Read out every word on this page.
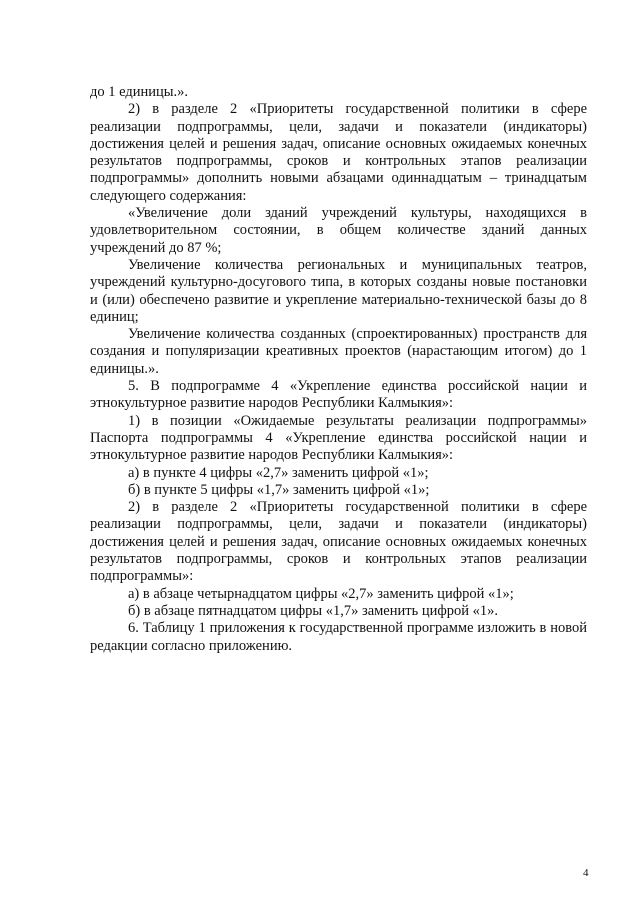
до 1 единицы.».

2) в разделе 2 «Приоритеты государственной политики в сфере реализации подпрограммы, цели, задачи и показатели (индикаторы) достижения целей и решения задач, описание основных ожидаемых конечных результатов подпрограммы, сроков и контрольных этапов реализации подпрограммы» дополнить новыми абзацами одиннадцатым – тринадцатым следующего содержания:

«Увеличение доли зданий учреждений культуры, находящихся в удовлетворительном состоянии, в общем количестве зданий данных учреждений до 87 %;

Увеличение количества региональных и муниципальных театров, учреждений культурно-досугового типа, в которых созданы новые постановки и (или) обеспечено развитие и укрепление материально-технической базы до 8 единиц;

Увеличение количества созданных (спроектированных) пространств для создания и популяризации креативных проектов (нарастающим итогом) до 1 единицы.».

5. В подпрограмме 4 «Укрепление единства российской нации и этнокультурное развитие народов Республики Калмыкия»:

1) в позиции «Ожидаемые результаты реализации подпрограммы» Паспорта подпрограммы 4 «Укрепление единства российской нации и этнокультурное развитие народов Республики Калмыкия»:

а) в пункте 4 цифры «2,7» заменить цифрой «1»;

б) в пункте 5 цифры «1,7» заменить цифрой «1»;

2) в разделе 2 «Приоритеты государственной политики в сфере реализации подпрограммы, цели, задачи и показатели (индикаторы) достижения целей и решения задач, описание основных ожидаемых конечных результатов подпрограммы, сроков и контрольных этапов реализации подпрограммы»:

а) в абзаце четырнадцатом цифры «2,7» заменить цифрой «1»;

б) в абзаце пятнадцатом цифры «1,7» заменить цифрой «1».

6. Таблицу 1 приложения к государственной программе изложить в новой редакции согласно приложению.

4
